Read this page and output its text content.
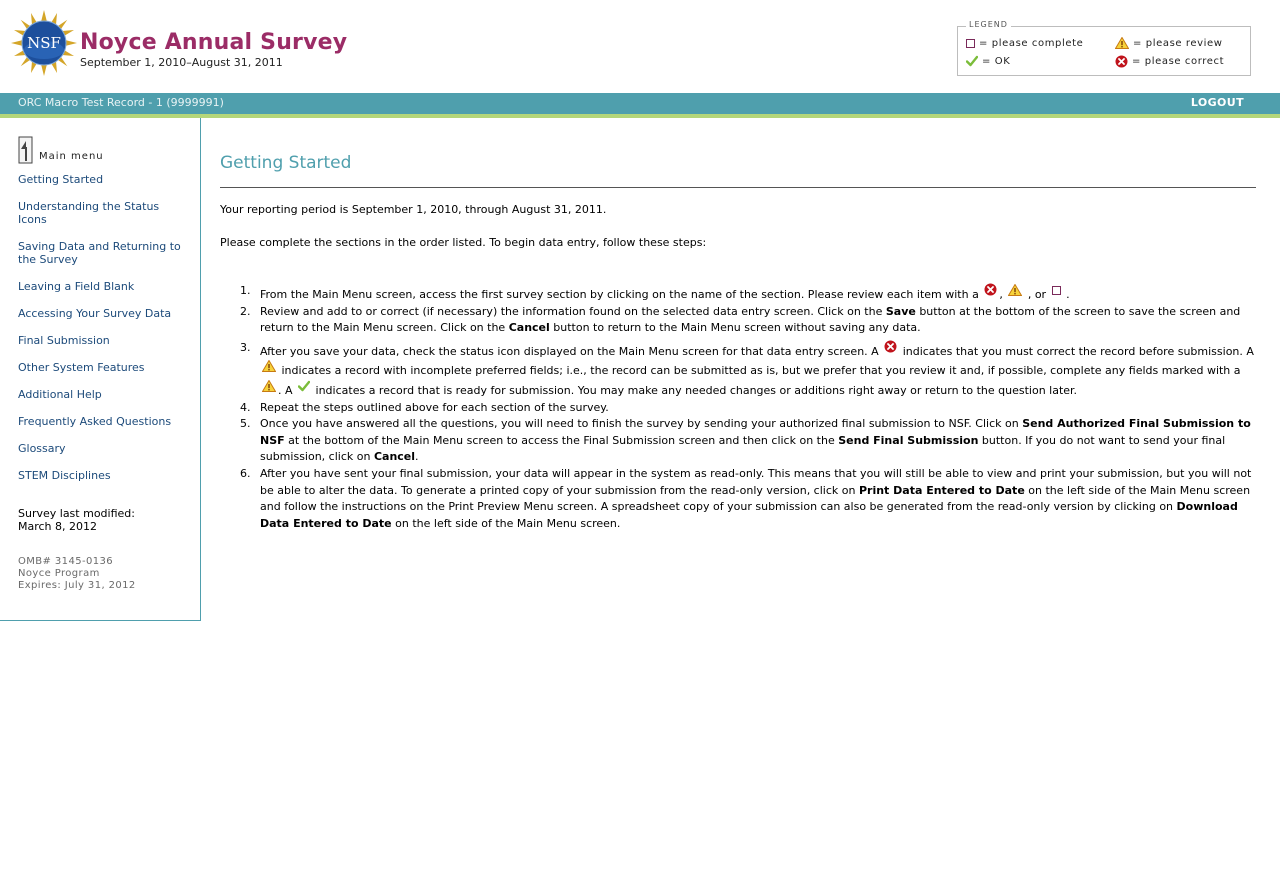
NSF Noyce Annual Survey
September 1, 2010–August 31, 2011
LEGEND
= please complete	= please review
= OK	= please correct
ORC Macro Test Record - 1 (9999991)	LOGOUT
Main menu
Getting Started
Understanding the Status Icons
Saving Data and Returning to the Survey
Leaving a Field Blank
Accessing Your Survey Data
Final Submission
Other System Features
Additional Help
Frequently Asked Questions
Glossary
STEM Disciplines
Survey last modified:
March 8, 2012
OMB# 3145-0136
Noyce Program
Expires: July 31, 2012
Getting Started
Your reporting period is September 1, 2010, through August 31, 2011.
Please complete the sections in the order listed. To begin data entry, follow these steps:
1. From the Main Menu screen, access the first survey section by clicking on the name of the section. Please review each item with a , , or .
2. Review and add to or correct (if necessary) the information found on the selected data entry screen. Click on the Save button at the bottom of the screen to save the screen and return to the Main Menu screen. Click on the Cancel button to return to the Main Menu screen without saving any data.
3. After you save your data, check the status icon displayed on the Main Menu screen for that data entry screen. A indicates that you must correct the record before submission. A  indicates a record with incomplete preferred fields; i.e., the record can be submitted as is, but we prefer that you review it and, if possible, complete any fields marked with a . A indicates a record that is ready for submission. You may make any needed changes or additions right away or return to the question later.
4. Repeat the steps outlined above for each section of the survey.
5. Once you have answered all the questions, you will need to finish the survey by sending your authorized final submission to NSF. Click on Send Authorized Final Submission to NSF at the bottom of the Main Menu screen to access the Final Submission screen and then click on the Send Final Submission button. If you do not want to send your final submission, click on Cancel.
6. After you have sent your final submission, your data will appear in the system as read-only. This means that you will still be able to view and print your submission, but you will not be able to alter the data. To generate a printed copy of your submission from the read-only version, click on Print Data Entered to Date on the left side of the Main Menu screen and follow the instructions on the Print Preview Menu screen. A spreadsheet copy of your submission can also be generated from the read-only version by clicking on Download Data Entered to Date on the left side of the Main Menu screen.
